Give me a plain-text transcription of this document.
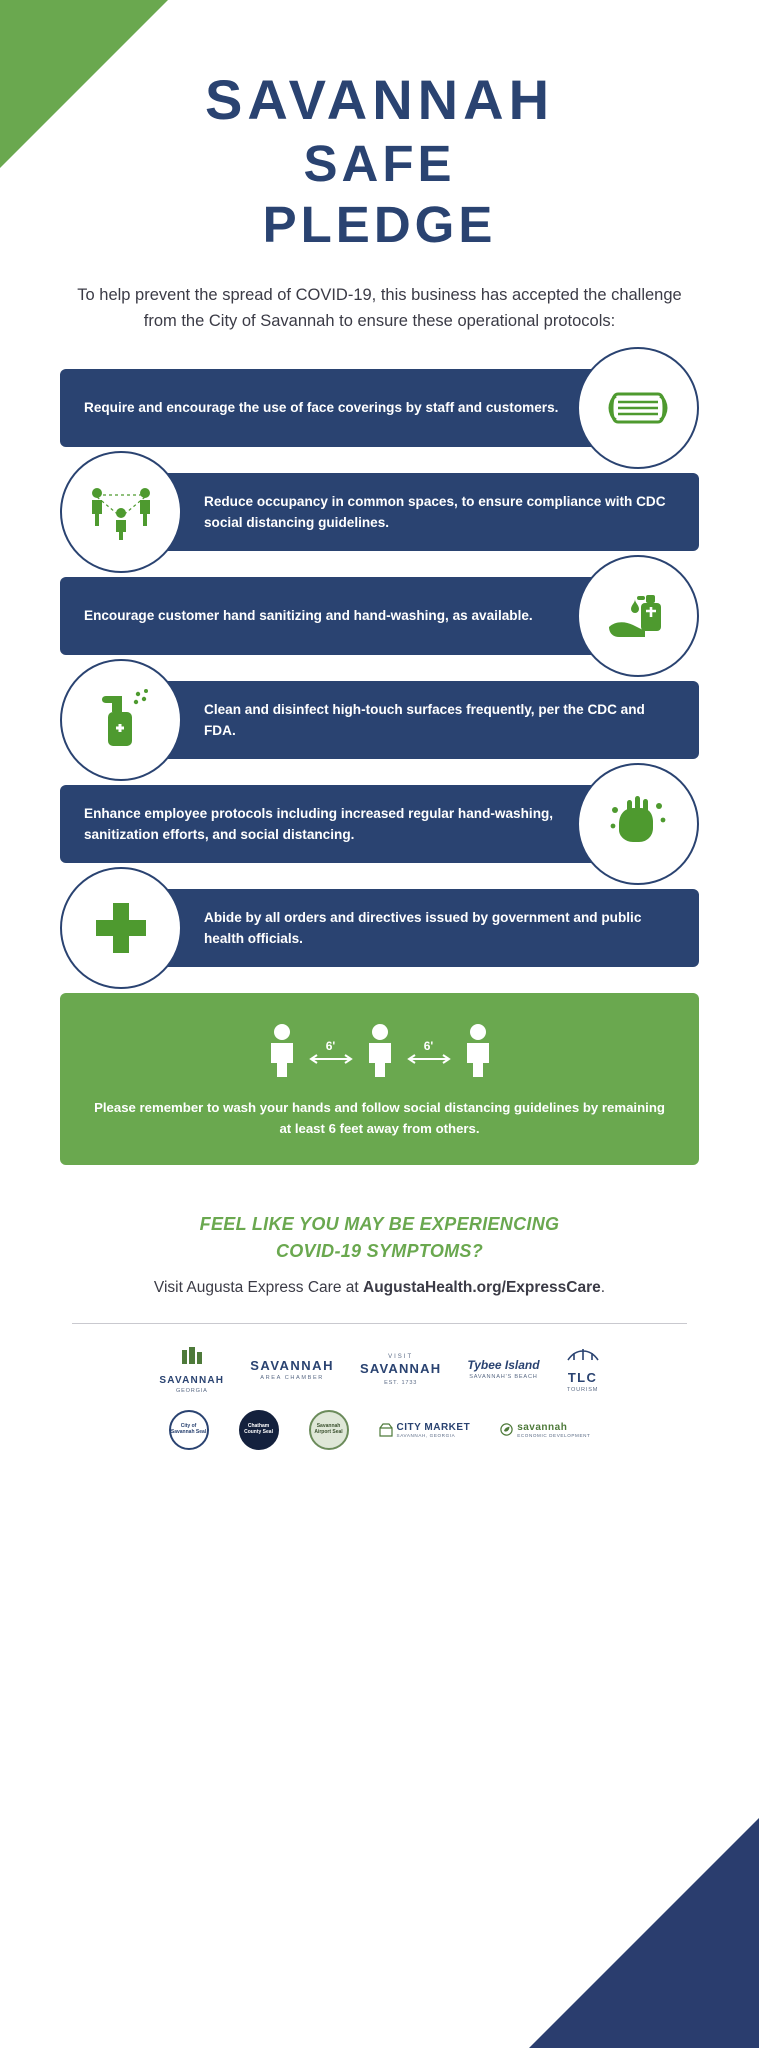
SAVANNAH
SAFE
PLEDGE

To help prevent the spread of COVID-19, this business has accepted the challenge from the City of Savannah to ensure these operational protocols:

Require and encourage the use of face coverings by staff and customers.
Reduce occupancy in common spaces, to ensure compliance with CDC social distancing guidelines.
Encourage customer hand sanitizing and hand-washing, as available.
Clean and disinfect high-touch surfaces frequently, per the CDC and FDA.
Enhance employee protocols including increased regular hand-washing, sanitization efforts, and social distancing.
Abide by all orders and directives issued by government and public health officials.
6'	6'

Please remember to wash your hands and follow social distancing guidelines by remaining at least 6 feet away from others.

FEEL LIKE YOU MAY BE EXPERIENCING
COVID-19 SYMPTOMS?

Visit Augusta Express Care at AugustaHealth.org/ExpressCare.

SAVANNAH
GEORGIA
SAVANNAH
AREA CHAMBER
VISIT
SAVANNAH
EST. 1733
Tybee Island
SAVANNAH'S BEACH TLC
TOURISM
City of Savannah Seal
Chatham County Seal
Savannah Airport Seal	CITY MARKET
SAVANNAH, GEORGIA
savannah
ECONOMIC DEVELOPMENT
